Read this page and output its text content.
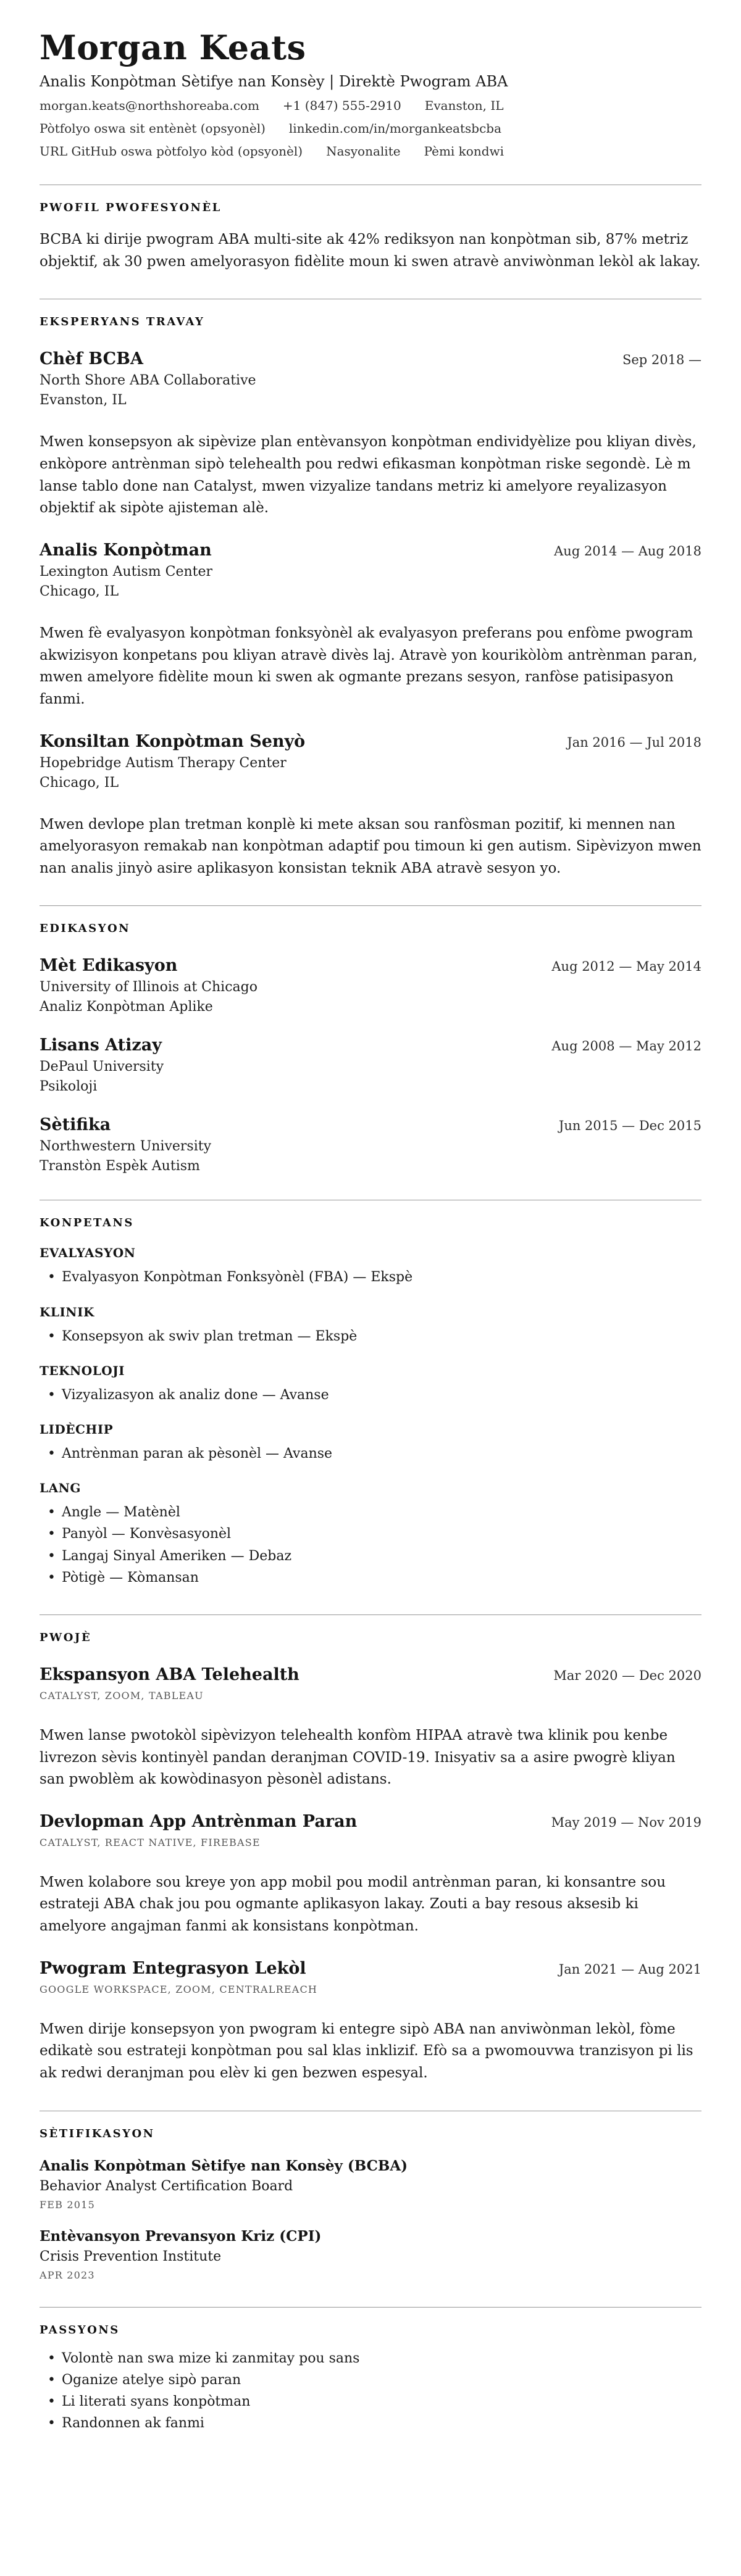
Morgan Keats
Analis Konpòtman Sètifye nan Konsèy | Direktè Pwogram ABA
morgan.keats@northshoreaba.com +1 (847) 555-2910 Evanston, IL
Pòtfolyo oswa sit entènèt (opsyonèl) linkedin.com/in/morgankeatsbcba
URL GitHub oswa pòtfolyo kòd (opsyonèl) Nasyonalite Pèmi kondwi
PWOFIL PWOFESYONÈL

BCBA ki dirije pwogram ABA multi-site ak 42% rediksyon nan konpòtman sib, 87% metriz objektif, ak 30 pwen amelyorasyon fidèlite moun ki swen atravè anviwònman lekòl ak lakay.

EKSPERYANS TRAVAY
Chèf BCBA	Sep 2018 —
North Shore ABA Collaborative
Evanston, IL

Mwen konsepsyon ak sipèvize plan entèvansyon konpòtman endividyèlize pou kliyan divès, enkòpore antrènman sipò telehealth pou redwi efikasman konpòtman riske segondè. Lè m lanse tablo done nan Catalyst, mwen vizyalize tandans metriz ki amelyore reyalizasyon objektif ak sipòte ajisteman alè.

Analis Konpòtman	Aug 2014 — Aug 2018
Lexington Autism Center
Chicago, IL

Mwen fè evalyasyon konpòtman fonksyònèl ak evalyasyon preferans pou enfòme pwogram akwizisyon konpetans pou kliyan atravè divès laj. Atravè yon kourikòlòm antrènman paran, mwen amelyore fidèlite moun ki swen ak ogmante prezans sesyon, ranfòse patisipasyon fanmi.

Konsiltan Konpòtman Senyò	Jan 2016 — Jul 2018
Hopebridge Autism Therapy Center
Chicago, IL

Mwen devlope plan tretman konplè ki mete aksan sou ranfòsman pozitif, ki mennen nan amelyorasyon remakab nan konpòtman adaptif pou timoun ki gen autism. Sipèvizyon mwen nan analis jinyò asire aplikasyon konsistan teknik ABA atravè sesyon yo.

EDIKASYON
Mèt Edikasyon	Aug 2012 — May 2014
University of Illinois at Chicago
Analiz Konpòtman Aplike
Lisans Atizay	Aug 2008 — May 2012
DePaul University
Psikoloji
Sètifika	Jun 2015 — Dec 2015
Northwestern University
Transtòn Espèk Autism
KONPETANS
EVALYASYON
• Evalyasyon Konpòtman Fonksyònèl (FBA) — Ekspè
KLINIK
• Konsepsyon ak swiv plan tretman — Ekspè
TEKNOLOJI
• Vizyalizasyon ak analiz done — Avanse
LIDÈCHIP
• Antrènman paran ak pèsonèl — Avanse
LANG
• Angle — Matènèl
• Panyòl — Konvèsasyonèl
• Langaj Sinyal Ameriken — Debaz
• Pòtigè — Kòmansan
PWOJÈ
Ekspansyon ABA Telehealth	Mar 2020 — Dec 2020
CATALYST, ZOOM, TABLEAU

Mwen lanse pwotokòl sipèvizyon telehealth konfòm HIPAA atravè twa klinik pou kenbe livrezon sèvis kontinyèl pandan deranjman COVID-19. Inisyativ sa a asire pwogrè kliyan san pwoblèm ak kowòdinasyon pèsonèl adistans.

Devlopman App Antrènman Paran	May 2019 — Nov 2019
CATALYST, REACT NATIVE, FIREBASE

Mwen kolabore sou kreye yon app mobil pou modil antrènman paran, ki konsantre sou estrateji ABA chak jou pou ogmante aplikasyon lakay. Zouti a bay resous aksesib ki amelyore angajman fanmi ak konsistans konpòtman.

Pwogram Entegrasyon Lekòl	Jan 2021 — Aug 2021
GOOGLE WORKSPACE, ZOOM, CENTRALREACH

Mwen dirije konsepsyon yon pwogram ki entegre sipò ABA nan anviwònman lekòl, fòme edikatè sou estrateji konpòtman pou sal klas inklizif. Efò sa a pwomouvwa tranzisyon pi lis ak redwi deranjman pou elèv ki gen bezwen espesyal.

SÈTIFIKASYON
Analis Konpòtman Sètifye nan Konsèy (BCBA)
Behavior Analyst Certification Board
FEB 2015
Entèvansyon Prevansyon Kriz (CPI)
Crisis Prevention Institute
APR 2023
PASSYONS
• Volontè nan swa mize ki zanmitay pou sans
• Oganize atelye sipò paran
• Li literati syans konpòtman
• Randonnen ak fanmi
